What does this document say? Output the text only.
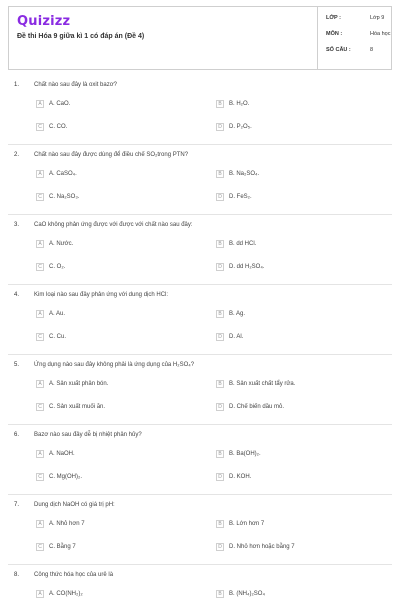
Quizizz
Đề thi Hóa 9 giữa kì 1 có đáp án (Đề 4)
LỚP :	Lớp 9
MÔN :	Hóa học
SỐ CÂU :	8
1. Chất nào sau đây là oxit bazơ?
A	A. CaO.	B	B. H₂O.
C	C. CO.	D	D. P₂O₅.
2. Chất nào sau đây được dùng để điều chế SO₂trong PTN?
A	A. CaSO₄.	B	B. Na₂SO₄.
C	C. Na₂SO₃.	D	D. FeS₂.
3. CaO không phản ứng được với được với chất nào sau đây:
A	A. Nước.	B	B. dd HCl.
C	C. O₂.	D	D. dd H₂SO₄.
4. Kim loại nào sau đây phản ứng với dung dịch HCl:
A	A. Au.	B	B. Ag.
C	C. Cu.	D	D. Al.
5. Ứng dụng nào sau đây không phải là ứng dụng của H₂SO₄?
A	A. Sản xuất phân bón.	B	B. Sản xuất chất tẩy rửa.
C	C. Sản xuất muối ăn.	D	D. Chế biến dầu mỏ.
6. Bazơ nào sau đây dễ bị nhiệt phân hủy?
A	A. NaOH.	B	B. Ba(OH)₂.
C	C. Mg(OH)₂.	D	D. KOH.
7. Dung dịch NaOH có giá trị pH:
A	A. Nhỏ hơn 7	B	B. Lớn hơn 7
C	C. Bằng 7	D	D. Nhỏ hơn hoặc bằng 7
8. Công thức hóa học của urê là
A	A. CO(NH₂)₂	B	B. (NH₄)₂SO₄
